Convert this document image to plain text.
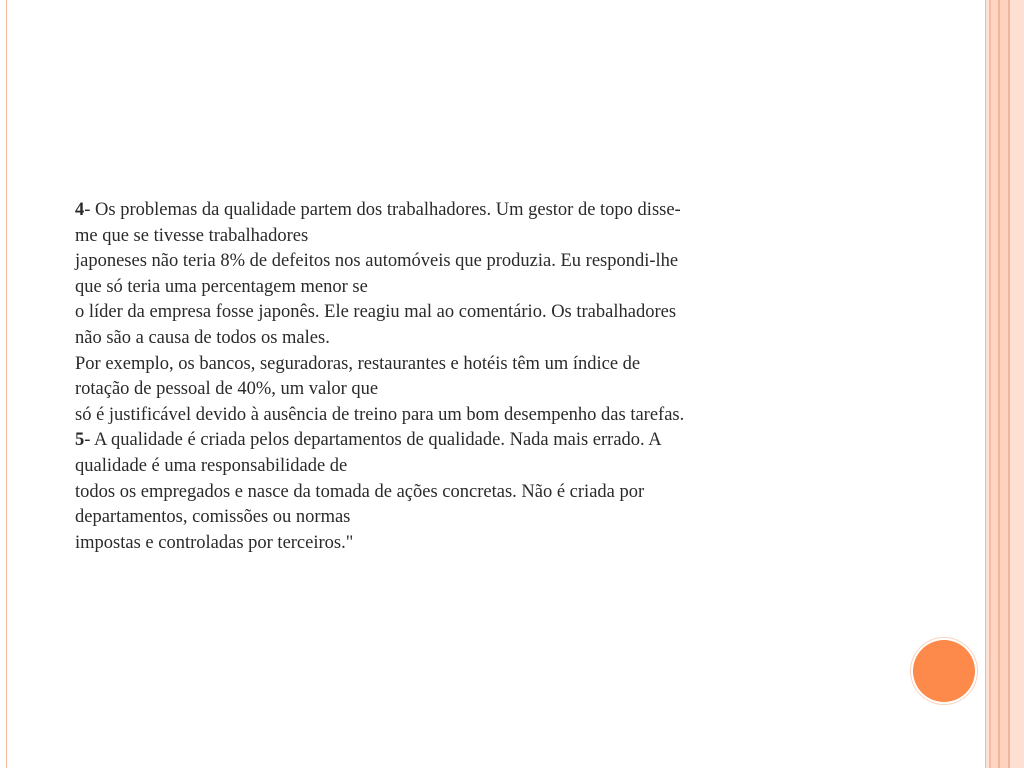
4- Os problemas da qualidade partem dos trabalhadores. Um gestor de topo disse-
me que se tivesse trabalhadores
japoneses não teria 8% de defeitos nos automóveis que produzia. Eu respondi-lhe
que só teria uma percentagem menor se
o líder da empresa fosse japonês. Ele reagiu mal ao comentário. Os trabalhadores
não são a causa de todos os males.
Por exemplo, os bancos, seguradoras, restaurantes e hotéis têm um índice de
rotação de pessoal de 40%, um valor que
só é justificável devido à ausência de treino para um bom desempenho das tarefas.
5- A qualidade é criada pelos departamentos de qualidade. Nada mais errado. A
qualidade é uma responsabilidade de
todos os empregados e nasce da tomada de ações concretas. Não é criada por
departamentos, comissões ou normas
impostas e controladas por terceiros."
